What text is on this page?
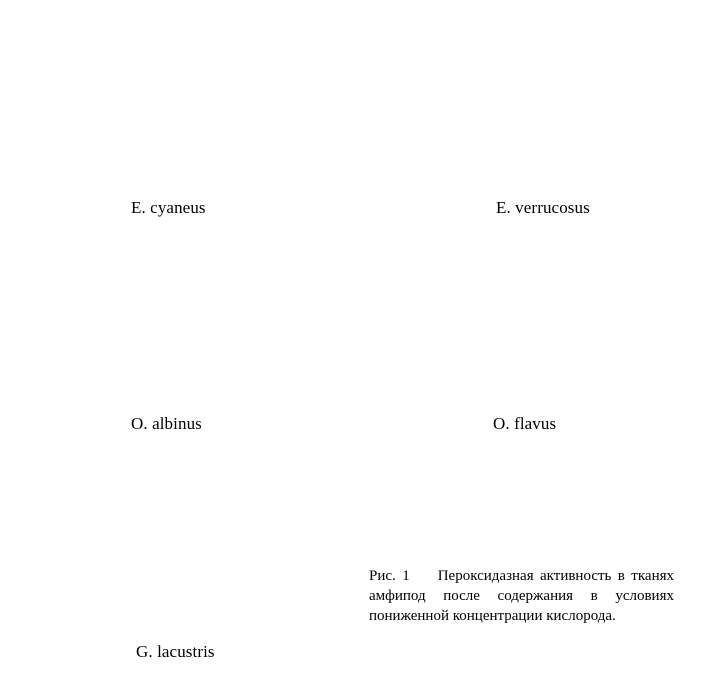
E. cyaneus	E. verrucosus
O. albinus	O. flavus
G. lacustris
Рис. 1 Пероксидазная активность в тканях амфипод после содержания в условиях пониженной концентрации кислорода.
